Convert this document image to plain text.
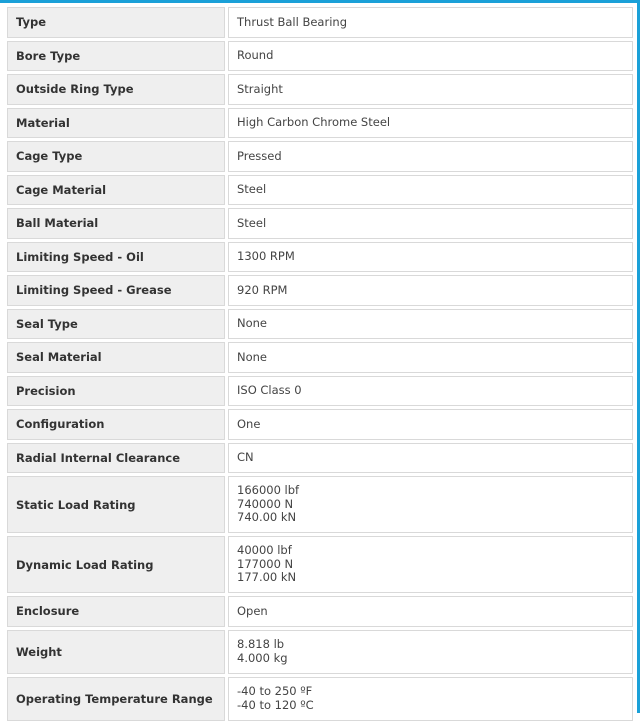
Type	Thrust Ball Bearing

Bore Type	Round

Outside Ring Type	Straight

Material	High Carbon Chrome Steel

Cage Type	Pressed

Cage Material	Steel

Ball Material	Steel

Limiting Speed - Oil	1300 RPM

Limiting Speed - Grease	920 RPM

Seal Type	None

Seal Material	None

Precision	ISO Class 0

Configuration	One

Radial Internal Clearance	CN

Static Load Rating	166000 lbf
740000 N
740.00 kN

Dynamic Load Rating	40000 lbf
177000 N
177.00 kN

Enclosure	Open

Weight	8.818 lb
4.000 kg

Operating Temperature Range	-40 to 250 ºF
-40 to 120 ºC
